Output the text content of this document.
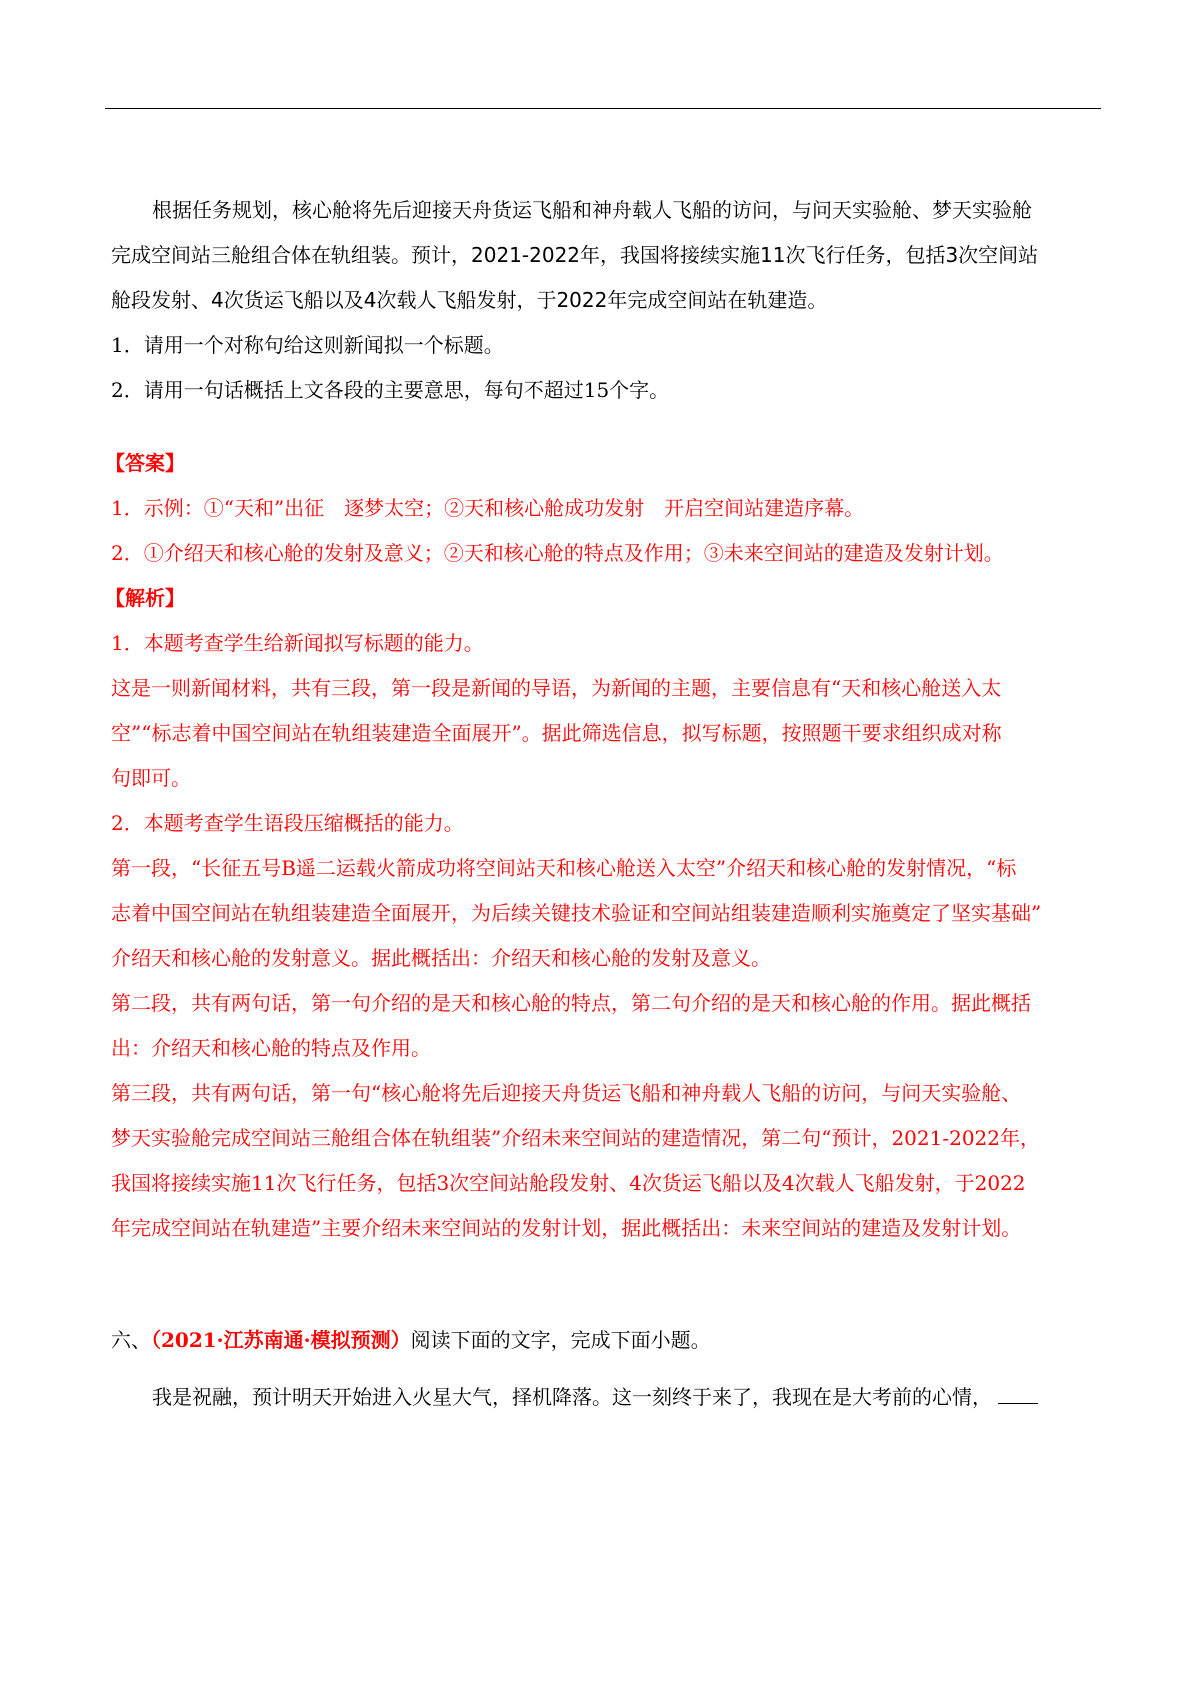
根据任务规划，核心舱将先后迎接天舟货运飞船和神舟载人飞船的访问，与问天实验舱、梦天实验舱
完成空间站三舱组合体在轨组装。预计，2021-2022年，我国将接续实施11次飞行任务，包括3次空间站
舱段发射、4次货运飞船以及4次载人飞船发射，于2022年完成空间站在轨建造。
1．请用一个对称句给这则新闻拟一个标题。
2．请用一句话概括上文各段的主要意思，每句不超过15个字。
【答案】
1．示例：①“天和”出征　逐梦太空；②天和核心舱成功发射　开启空间站建造序幕。
2．①介绍天和核心舱的发射及意义；②天和核心舱的特点及作用；③未来空间站的建造及发射计划。
【解析】
1．本题考查学生给新闻拟写标题的能力。
这是一则新闻材料，共有三段，第一段是新闻的导语，为新闻的主题，主要信息有“天和核心舱送入太
空”“标志着中国空间站在轨组装建造全面展开”。据此筛选信息，拟写标题，按照题干要求组织成对称
句即可。
2．本题考查学生语段压缩概括的能力。
第一段，“长征五号B遥二运载火箭成功将空间站天和核心舱送入太空”介绍天和核心舱的发射情况，“标
志着中国空间站在轨组装建造全面展开，为后续关键技术验证和空间站组装建造顺利实施奠定了坚实基础”
介绍天和核心舱的发射意义。据此概括出：介绍天和核心舱的发射及意义。
第二段，共有两句话，第一句介绍的是天和核心舱的特点，第二句介绍的是天和核心舱的作用。据此概括
出：介绍天和核心舱的特点及作用。
第三段，共有两句话，第一句“核心舱将先后迎接天舟货运飞船和神舟载人飞船的访问，与问天实验舱、
梦天实验舱完成空间站三舱组合体在轨组装”介绍未来空间站的建造情况，第二句“预计，2021-2022年，
我国将接续实施11次飞行任务，包括3次空间站舱段发射、4次货运飞船以及4次载人飞船发射，于2022
年完成空间站在轨建造”主要介绍未来空间站的发射计划，据此概括出：未来空间站的建造及发射计划。
六、（2021·江苏南通·模拟预测）阅读下面的文字，完成下面小题。
我是祝融，预计明天开始进入火星大气，择机降落。这一刻终于来了，我现在是大考前的心情，
